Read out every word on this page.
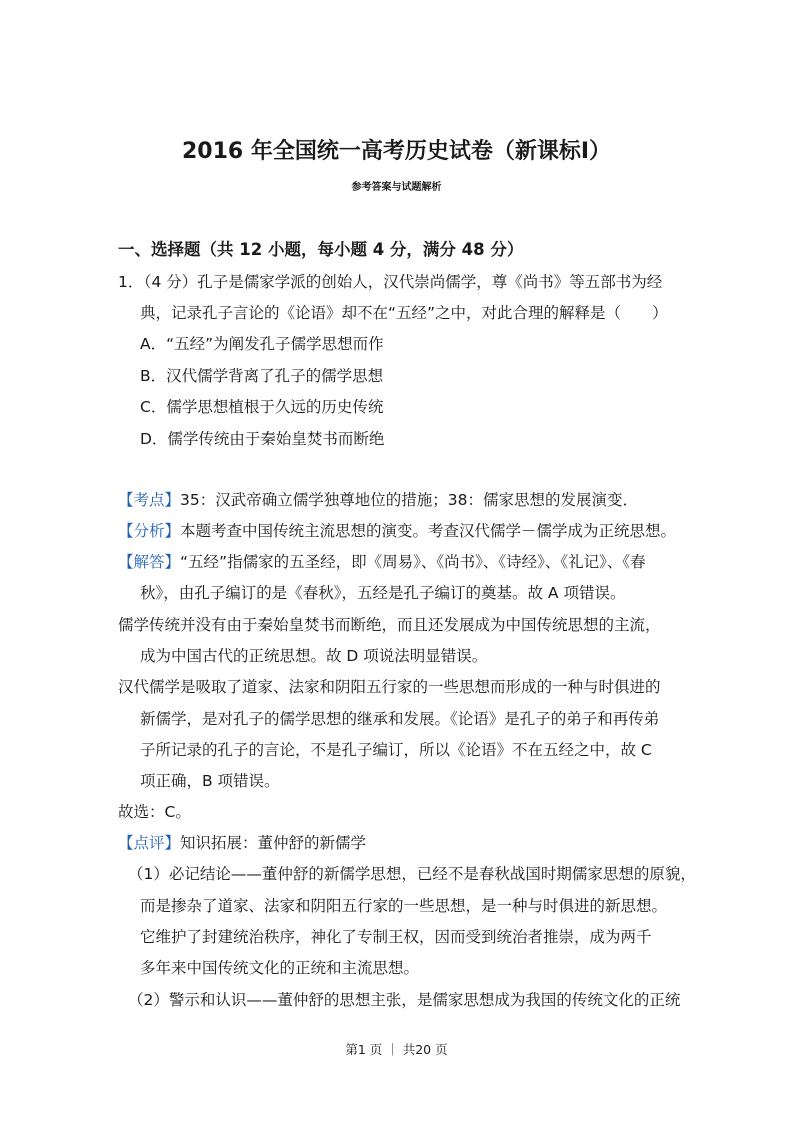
2016 年全国统一高考历史试卷（新课标Ⅰ）
参考答案与试题解析
一、选择题（共 12 小题，每小题 4 分，满分 48 分）
1．
（4 分）孔子是儒家学派的创始人，汉代崇尚儒学，尊《尚书》等五部书为经
典，记录孔子言论的《论语》却不在“五经”之中，对此合理的解释是（　　）
A．“五经”为阐发孔子儒学思想而作
B．汉代儒学背离了孔子的儒学思想
C．儒学思想植根于久远的历史传统
D．儒学传统由于秦始皇焚书而断绝
【考点】35：汉武帝确立儒学独尊地位的措施；38：儒家思想的发展演变．
【分析】本题考查中国传统主流思想的演变。考查汉代儒学－儒学成为正统思想。
【解答】“五经”指儒家的五圣经，即《周易》、《尚书》、《诗经》、《礼记》、《春
秋》，由孔子编订的是《春秋》，五经是孔子编订的奠基。故 A 项错误。
儒学传统并没有由于秦始皇焚书而断绝，而且还发展成为中国传统思想的主流，
成为中国古代的正统思想。故 D 项说法明显错误。
汉代儒学是吸取了道家、法家和阴阳五行家的一些思想而形成的一种与时俱进的
新儒学，是对孔子的儒学思想的继承和发展。《论语》是孔子的弟子和再传弟
子所记录的孔子的言论，不是孔子编订，所以《论语》不在五经之中，故 C
项正确，B 项错误。
故选：C。
【点评】知识拓展：董仲舒的新儒学
（1）必记结论——董仲舒的新儒学思想，已经不是春秋战国时期儒家思想的原貌，
而是掺杂了道家、法家和阴阳五行家的一些思想，是一种与时俱进的新思想。
它维护了封建统治秩序，神化了专制王权，因而受到统治者推崇，成为两千
多年来中国传统文化的正统和主流思想。
（2）警示和认识——董仲舒的思想主张，是儒家思想成为我国的传统文化的正统
第1 页 ｜ 共20 页
